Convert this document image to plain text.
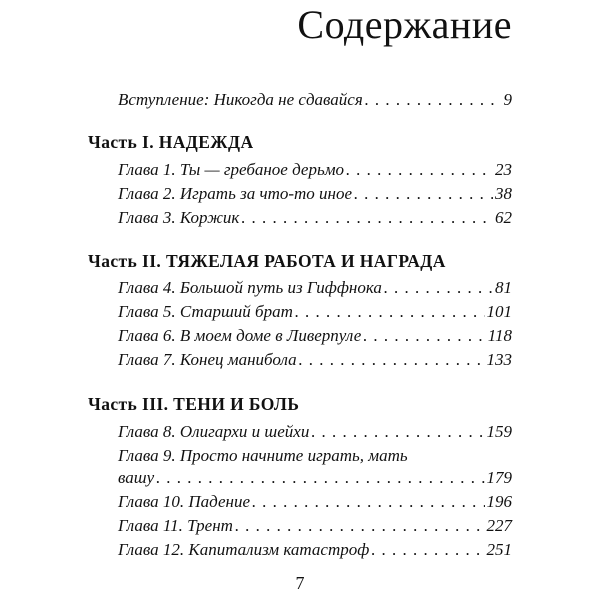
Содержание
Вступление: Никогда не сдавайся . . .	9
Часть I. НАДЕЖДА
Глава 1. Ты — гребаное дерьмо . . .	23
Глава 2. Играть за что-то иное . . .	38
Глава 3. Коржик . . .	62
Часть II. ТЯЖЕЛАЯ РАБОТА И НАГРАДА
Глава 4. Большой путь из Гиффнока . . .	81
Глава 5. Старший брат . . .	101
Глава 6. В моем доме в Ливерпуле . . .	118
Глава 7. Конец манибола . . .	133
Часть III. ТЕНИ И БОЛЬ
Глава 8. Олигархи и шейхи . . .	159
Глава 9. Просто начните играть, мать
вашу . . .	179
Глава 10. Падение . . .	196
Глава 11. Трент . . .	227
Глава 12. Капитализм катастроф . . .	251
7
